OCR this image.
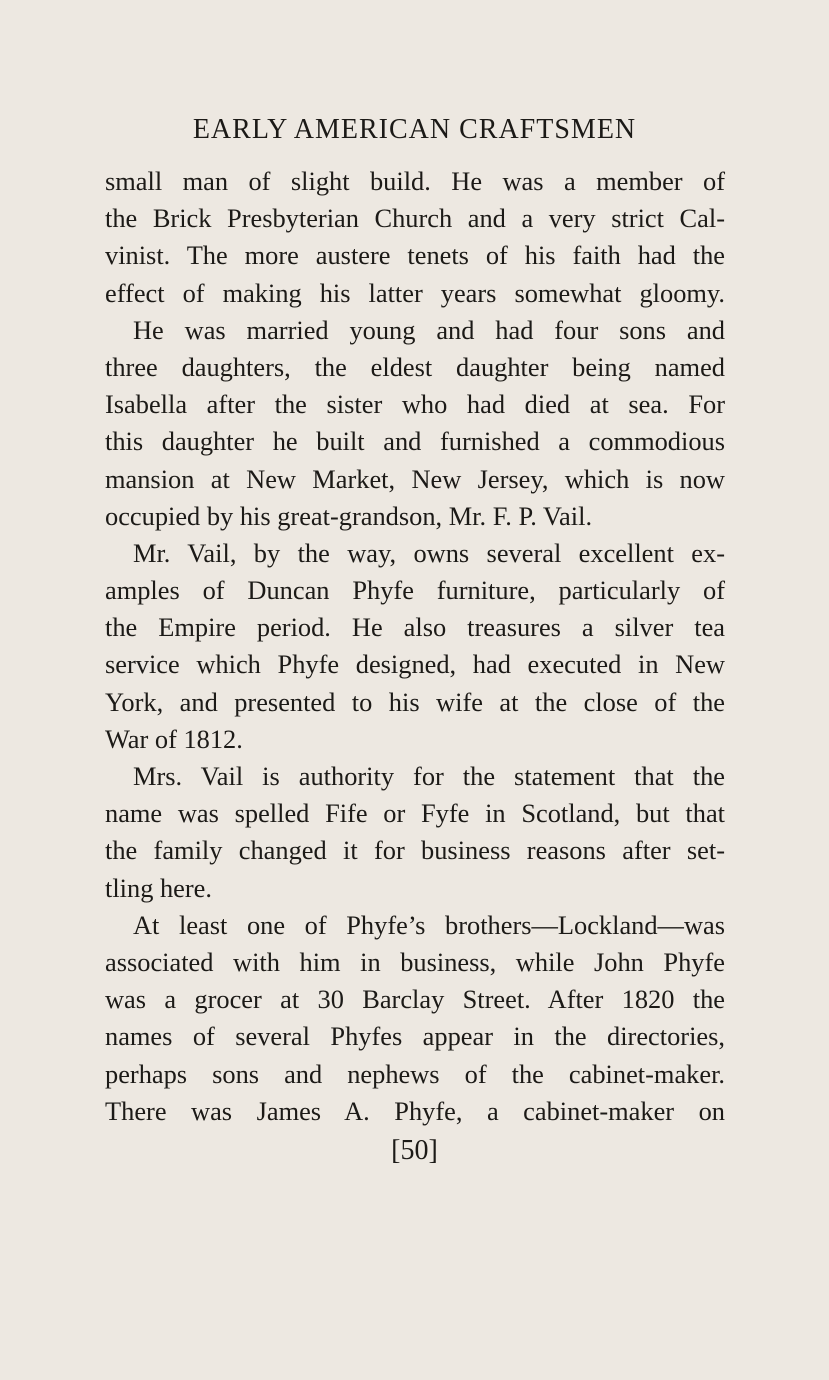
EARLY AMERICAN CRAFTSMEN
small man of slight build. He was a member of
the Brick Presbyterian Church and a very strict Cal-
vinist. The more austere tenets of his faith had the
effect of making his latter years somewhat gloomy.
He was married young and had four sons and
three daughters, the eldest daughter being named
Isabella after the sister who had died at sea. For
this daughter he built and furnished a commodious
mansion at New Market, New Jersey, which is now
occupied by his great-grandson, Mr. F. P. Vail.
Mr. Vail, by the way, owns several excellent ex-
amples of Duncan Phyfe furniture, particularly of
the Empire period. He also treasures a silver tea
service which Phyfe designed, had executed in New
York, and presented to his wife at the close of the
War of 1812.
Mrs. Vail is authority for the statement that the
name was spelled Fife or Fyfe in Scotland, but that
the family changed it for business reasons after set-
tling here.
At least one of Phyfe’s brothers—Lockland—was
associated with him in business, while John Phyfe
was a grocer at 30 Barclay Street. After 1820 the
names of several Phyfes appear in the directories,
perhaps sons and nephews of the cabinet-maker.
There was James A. Phyfe, a cabinet-maker on
[50]
